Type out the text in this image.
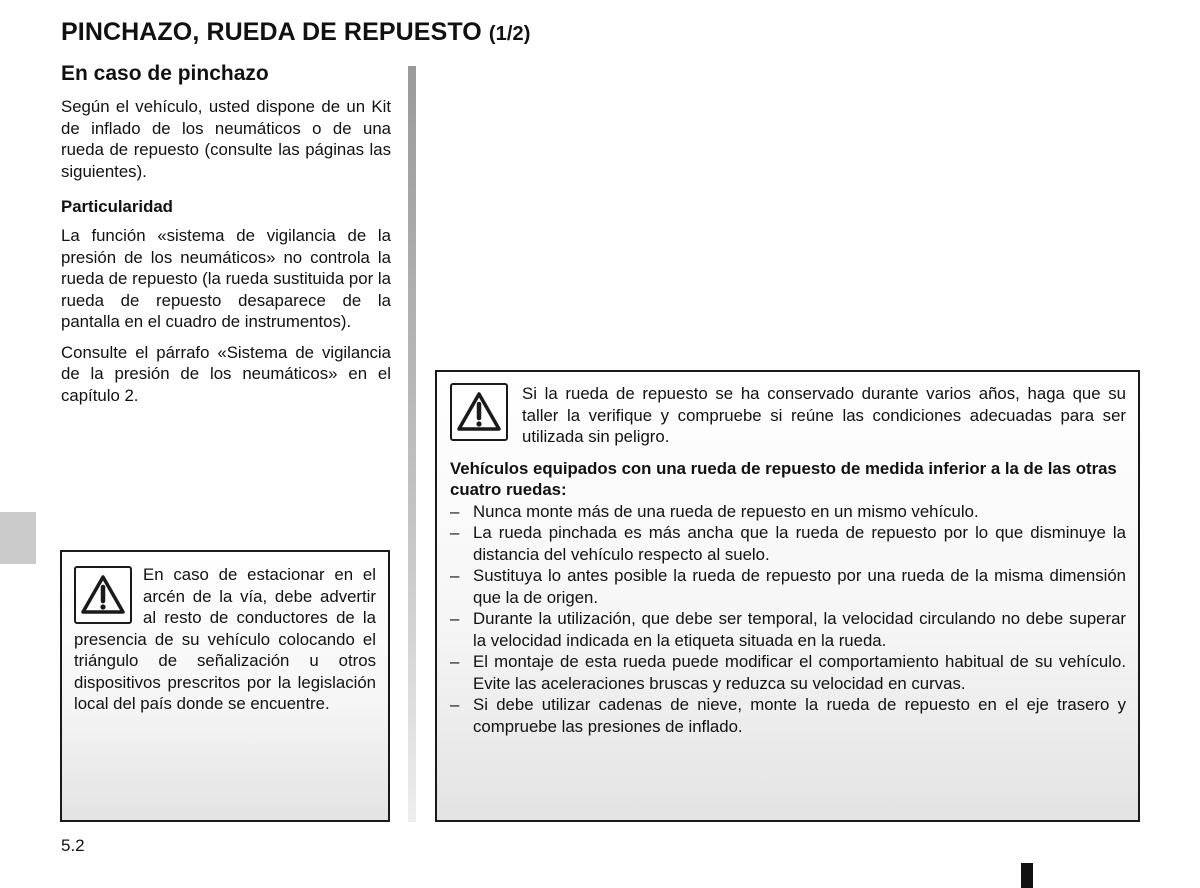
PINCHAZO, RUEDA DE REPUESTO (1/2)
En caso de pinchazo

Según el vehículo, usted dispone de un Kit de inflado de los neumáticos o de una rueda de repuesto (consulte las páginas las siguientes).

Particularidad

La función «sistema de vigilancia de la presión de los neumáticos» no controla la rueda de repuesto (la rueda sustituida por la rueda de repuesto desaparece de la pantalla en el cuadro de instrumentos).

Consulte el párrafo «Sistema de vigilancia de la presión de los neumáticos» en el capítulo 2.

En caso de estacionar en el arcén de la vía, debe advertir al resto de conductores de la presencia de su vehículo colocando el triángulo de señalización u otros dispositivos prescritos por la legislación local del país donde se encuentre.

Si la rueda de repuesto se ha conservado durante varios años, haga que su taller la verifique y compruebe si reúne las condiciones adecuadas para ser utilizada sin peligro.

Vehículos equipados con una rueda de repuesto de medida inferior a la de las otras cuatro ruedas:

– Nunca monte más de una rueda de repuesto en un mismo vehículo.
– La rueda pinchada es más ancha que la rueda de repuesto por lo que disminuye la distancia del vehículo respecto al suelo.
– Sustituya lo antes posible la rueda de repuesto por una rueda de la misma dimensión que la de origen.
– Durante la utilización, que debe ser temporal, la velocidad circulando no debe superar la velocidad indicada en la etiqueta situada en la rueda.
– El montaje de esta rueda puede modificar el comportamiento habitual de su vehículo. Evite las aceleraciones bruscas y reduzca su velocidad en curvas.
– Si debe utilizar cadenas de nieve, monte la rueda de repuesto en el eje trasero y compruebe las presiones de inflado.
5.2
